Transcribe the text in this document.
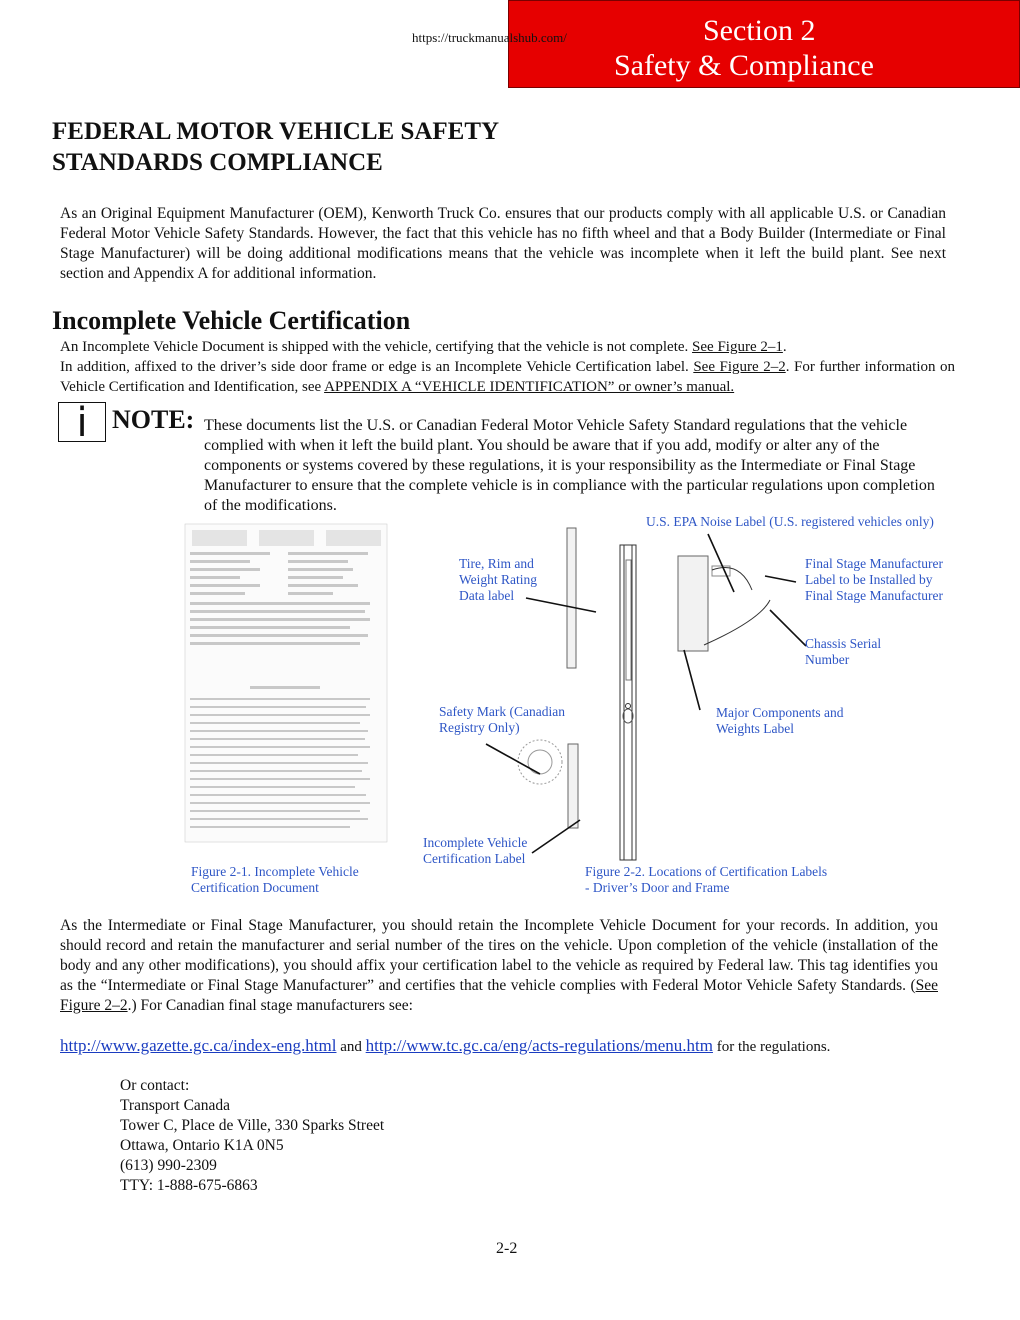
https://truckmanualshub.com/	Section 2
Safety & Compliance
FEDERAL MOTOR VEHICLE SAFETY
STANDARDS COMPLIANCE

As an Original Equipment Manufacturer (OEM), Kenworth Truck Co. ensures that our products comply with all applicable U.S. or Canadian Federal Motor Vehicle Safety Standards. However, the fact that this vehicle has no fifth wheel and that a Body Builder (Intermediate or Final Stage Manufacturer) will be doing additional modifications means that the vehicle was incomplete when it left the build plant. See next section and Appendix A for additional information.

Incomplete Vehicle Certification

An Incomplete Vehicle Document is shipped with the vehicle, certifying that the vehicle is not complete. See Figure 2–1.
In addition, affixed to the driver’s side door frame or edge is an Incomplete Vehicle Certification label. See Figure 2–2. For further information on Vehicle Certification and Identification, see APPENDIX A “VEHICLE IDENTIFICATION” or owner’s manual.

i NOTE: These documents list the U.S. or Canadian Federal Motor Vehicle Safety Standard regulations that the vehicle complied with when it left the build plant. You should be aware that if you add, modify or alter any of the components or systems covered by these regulations, it is your responsibility as the Intermediate or Final Stage Manufacturer to ensure that the complete vehicle is in compliance with the particular regulations upon completion of the modifications.

U.S. EPA Noise Label (U.S. registered vehicles only)
Tire, Rim and
Weight Rating
Data label
Final Stage Manufacturer
Label to be Installed by
Final Stage Manufacturer
Chassis Serial
Number
Safety Mark (Canadian
Registry Only)
Major Components and
Weights Label
Incomplete Vehicle
Certification Label
Figure 2-1. Incomplete Vehicle
Certification Document
Figure 2-2. Locations of Certification Labels
- Driver’s Door and Frame

As the Intermediate or Final Stage Manufacturer, you should retain the Incomplete Vehicle Document for your records. In addition, you should record and retain the manufacturer and serial number of the tires on the vehicle. Upon completion of the vehicle (installation of the body and any other modifications), you should affix your certification label to the vehicle as required by Federal law. This tag identifies you as the “Intermediate or Final Stage Manufacturer” and certifies that the vehicle complies with Federal Motor Vehicle Safety Standards. (See Figure 2–2.) For Canadian final stage manufacturers see:

http://www.gazette.gc.ca/index-eng.html and http://www.tc.gc.ca/eng/acts-regulations/menu.htm for the regulations.
Or contact:
Transport Canada
Tower C, Place de Ville, 330 Sparks Street
Ottawa, Ontario K1A 0N5
(613) 990-2309
TTY: 1-888-675-6863
2-2
